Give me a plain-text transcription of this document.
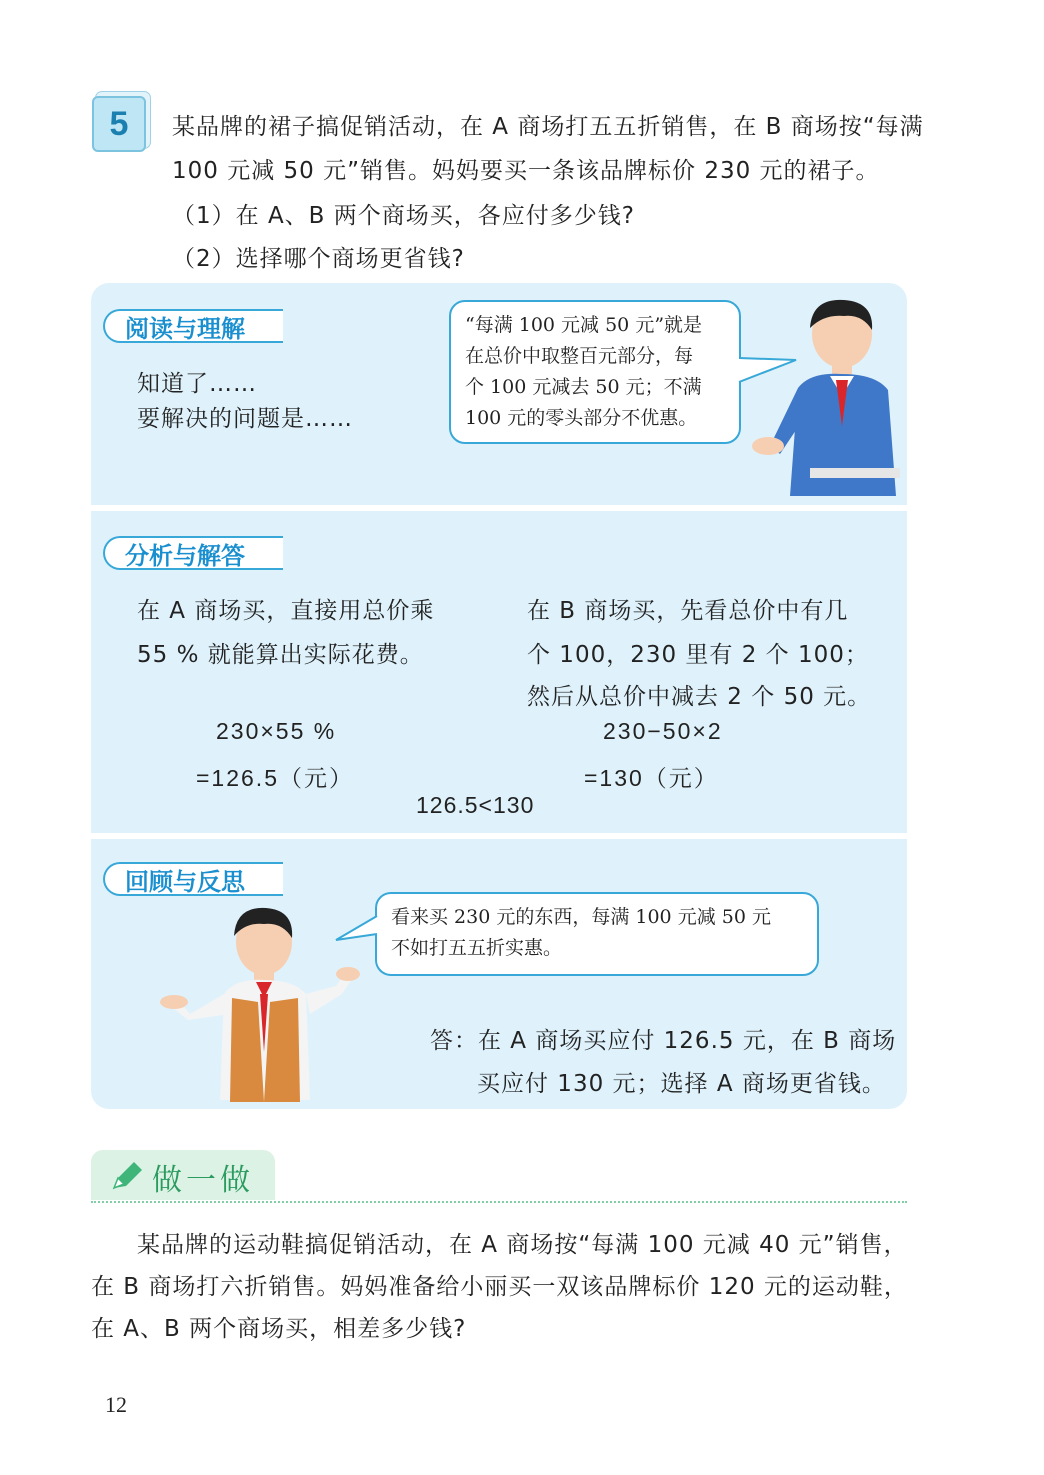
5	某品牌的裙子搞促销活动，在 A 商场打五五折销售，在 B 商场按“每满
100 元减 50 元”销售。妈妈要买一条该品牌标价 230 元的裙子。
（1）在 A、B 两个商场买，各应付多少钱?
（2）选择哪个商场更省钱?
阅读与理解
知道了……
要解决的问题是……
“每满 100 元减 50 元”就是
在总价中取整百元部分，每
个 100 元减去 50 元；不满
100 元的零头部分不优惠。
分析与解答
在 A 商场买，直接用总价乘
55 % 就能算出实际花费。
在 B 商场买，先看总价中有几
个 100，230 里有 2 个 100；
然后从总价中减去 2 个 50 元。
230×55 %
=126.5（元）
230−50×2
=130（元）
126.5<130
回顾与反思
看来买 230 元的东西，每满 100 元减 50 元
不如打五五折实惠。
答：在 A 商场买应付 126.5 元，在 B 商场
买应付 130 元；选择 A 商场更省钱。
做一做
某品牌的运动鞋搞促销活动，在 A 商场按“每满 100 元减 40 元”销售，
在 B 商场打六折销售。妈妈准备给小丽买一双该品牌标价 120 元的运动鞋，
在 A、B 两个商场买，相差多少钱?
12
